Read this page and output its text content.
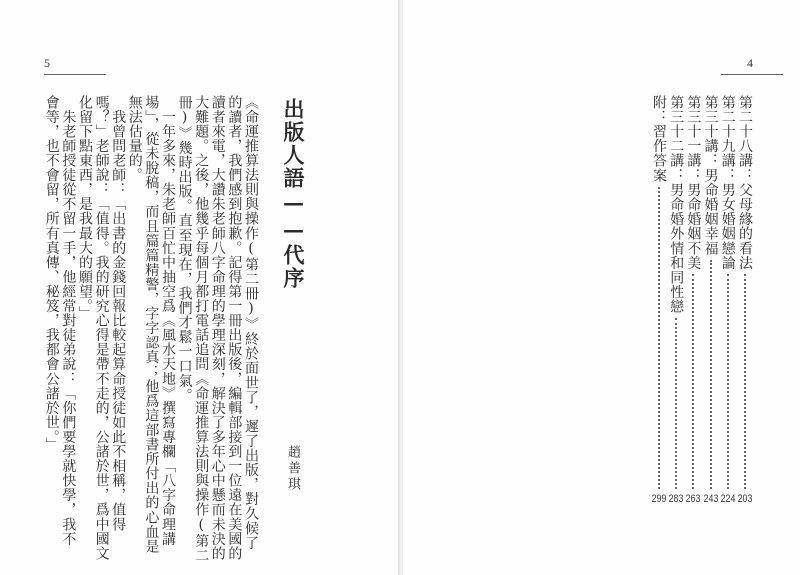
5
出版人語——代序
趙善琪
《命運推算法則與操作(第二冊)》終於面世了，遲了出版，對久候了
的讀者，我們感到抱歉。記得第一冊出版後，編輯部接到一位遠在美國的
讀者來電，大讚朱老師八字命理的學理深刻，解決了多年心中懸而未決的
大難題。之後，他幾乎每個月都打電話追問《命運推算法則與操作(第二
冊)》幾時出版。直至現在，我們才鬆一口氣。
　一年多來，朱老師百忙中抽空爲《風水天地》撰寫專欄「八字命理講
場」，從未脫稿，而且篇篇精警，字字認真；他爲這部書所付出的心血是
無法估量的。
　我曾問老師：「出書的金錢回報比較起算命授徒如此不相稱，值得
嗎？」老師說：「值得。我的研究心得是帶不走的，公諸於世，爲中國文
化留下點東西，是我最大的願望。」
　朱老師授徒從不留一手，他經常對徒弟說：「你們要學就快學，我不
會等，也不會留，所有真傳、秘笈，我都會公諸於世。」
4
第二十八講：父母緣的看法
203
第二十九講：男女婚姻戀論
224
第三十講：男命婚姻幸福
243
第三十一講：男命婚姻不美
263
第三十二講：男命婚外情和同性戀
283
附：習作答案
299
